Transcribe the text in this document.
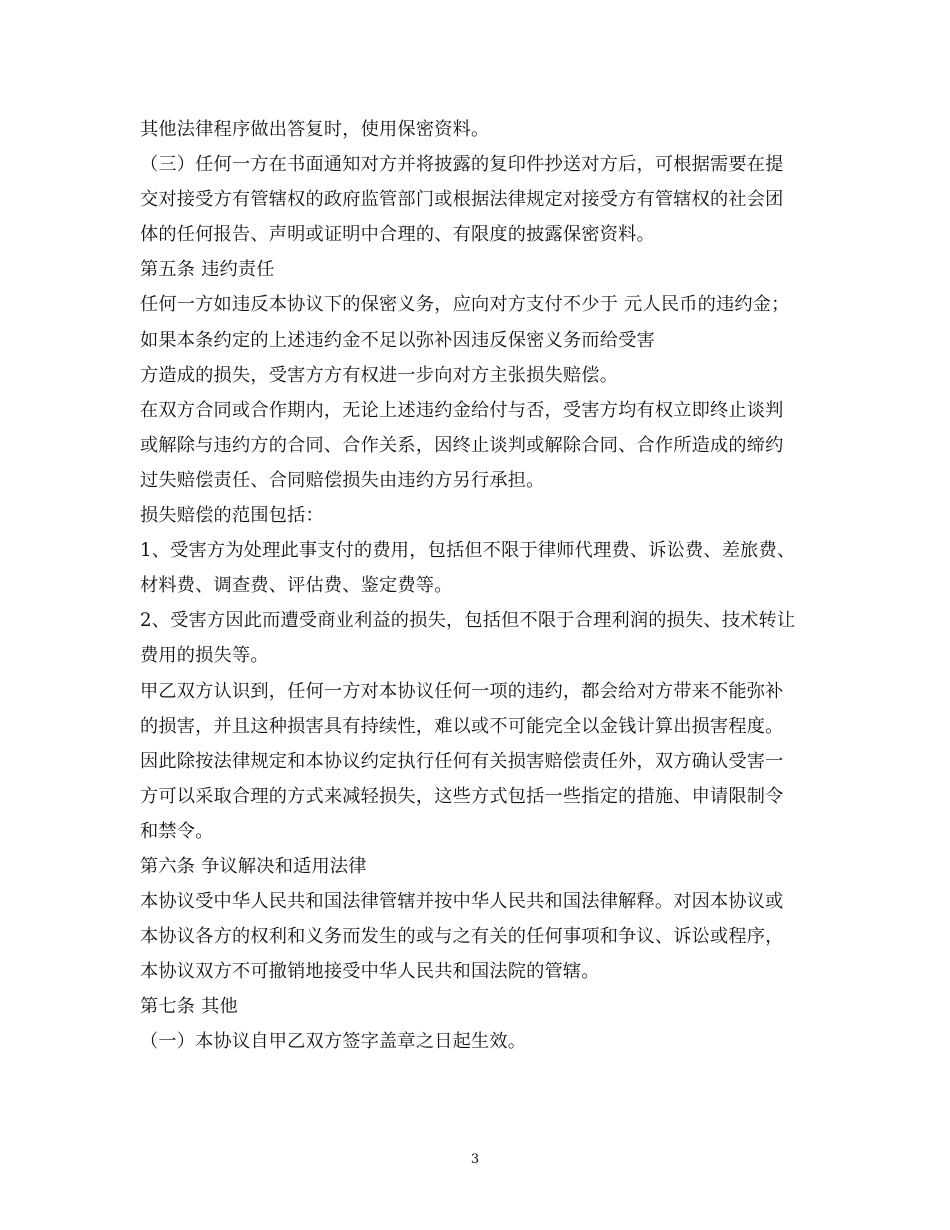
其他法律程序做出答复时，使用保密资料。
（三）任何一方在书面通知对方并将披露的复印件抄送对方后，可根据需要在提
交对接受方有管辖权的政府监管部门或根据法律规定对接受方有管辖权的社会团
体的任何报告、声明或证明中合理的、有限度的披露保密资料。
第五条 违约责任
任何一方如违反本协议下的保密义务，应向对方支付不少于 元人民币的违约金；
如果本条约定的上述违约金不足以弥补因违反保密义务而给受害
方造成的损失，受害方方有权进一步向对方主张损失赔偿。
在双方合同或合作期内，无论上述违约金给付与否，受害方均有权立即终止谈判
或解除与违约方的合同、合作关系，因终止谈判或解除合同、合作所造成的缔约
过失赔偿责任、合同赔偿损失由违约方另行承担。
损失赔偿的范围包括：
1、受害方为处理此事支付的费用，包括但不限于律师代理费、诉讼费、差旅费、
材料费、调查费、评估费、鉴定费等。
2、受害方因此而遭受商业利益的损失，包括但不限于合理利润的损失、技术转让
费用的损失等。
甲乙双方认识到，任何一方对本协议任何一项的违约，都会给对方带来不能弥补
的损害，并且这种损害具有持续性，难以或不可能完全以金钱计算出损害程度。
因此除按法律规定和本协议约定执行任何有关损害赔偿责任外，双方确认受害一
方可以采取合理的方式来减轻损失，这些方式包括一些指定的措施、申请限制令
和禁令。
第六条 争议解决和适用法律
本协议受中华人民共和国法律管辖并按中华人民共和国法律解释。对因本协议或
本协议各方的权利和义务而发生的或与之有关的任何事项和争议、诉讼或程序，
本协议双方不可撤销地接受中华人民共和国法院的管辖。
第七条 其他
（一）本协议自甲乙双方签字盖章之日起生效。
3
